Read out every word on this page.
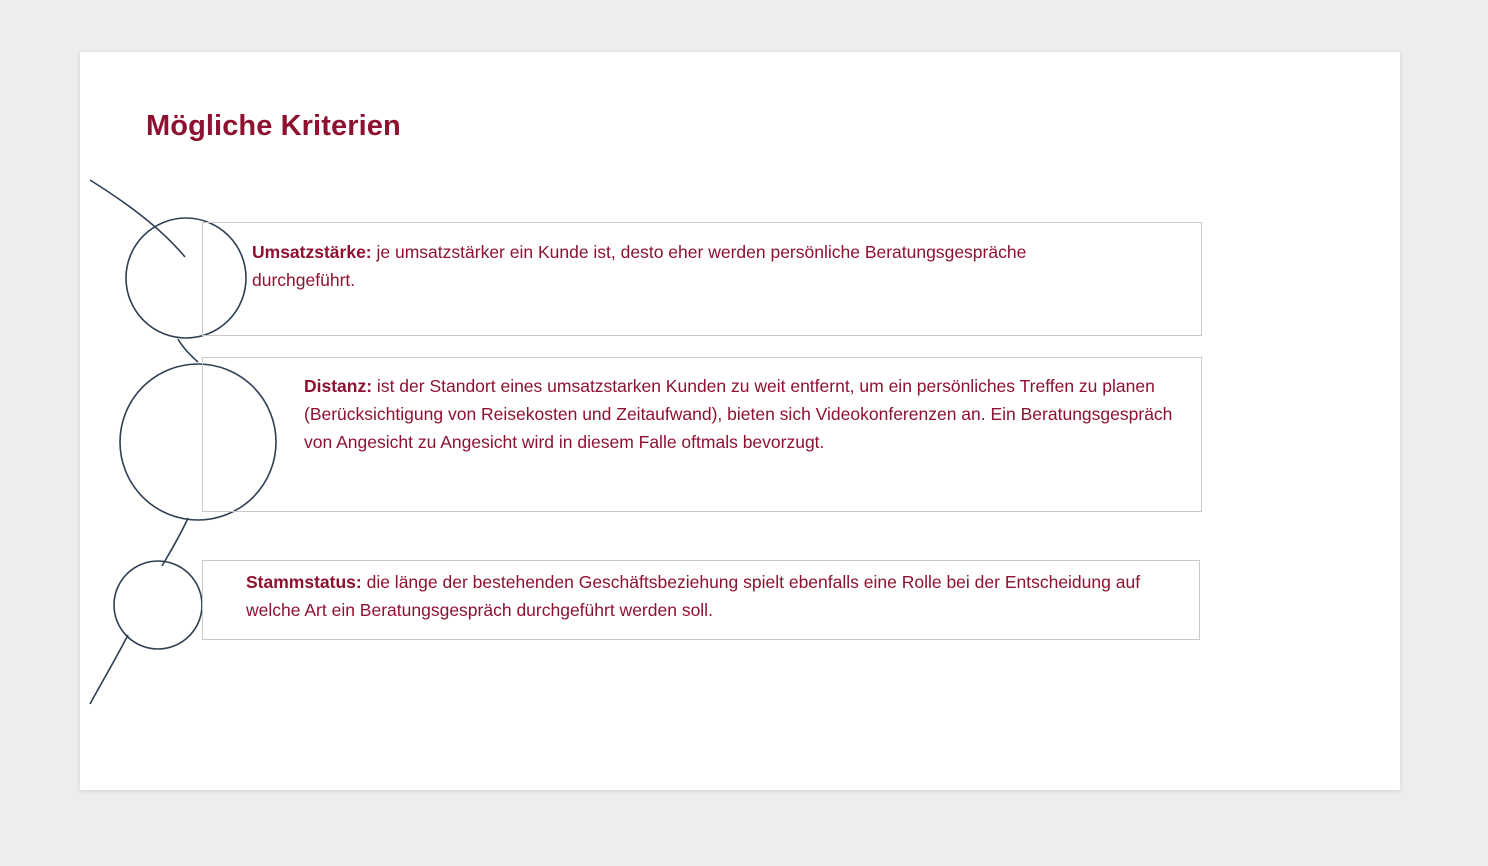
Mögliche Kriterien
Umsatzstärke: je umsatzstärker ein Kunde ist, desto eher werden persönliche Beratungsgespräche durchgeführt.
Distanz: ist der Standort eines umsatzstarken Kunden zu weit entfernt, um ein persönliches Treffen zu planen (Berücksichtigung von Reisekosten und Zeitaufwand), bieten sich Videokonferenzen an. Ein Beratungsgespräch von Angesicht zu Angesicht wird in diesem Falle oftmals bevorzugt.
Stammstatus: die länge der bestehenden Geschäftsbeziehung spielt ebenfalls eine Rolle bei der Entscheidung auf welche Art ein Beratungsgespräch durchgeführt werden soll.
